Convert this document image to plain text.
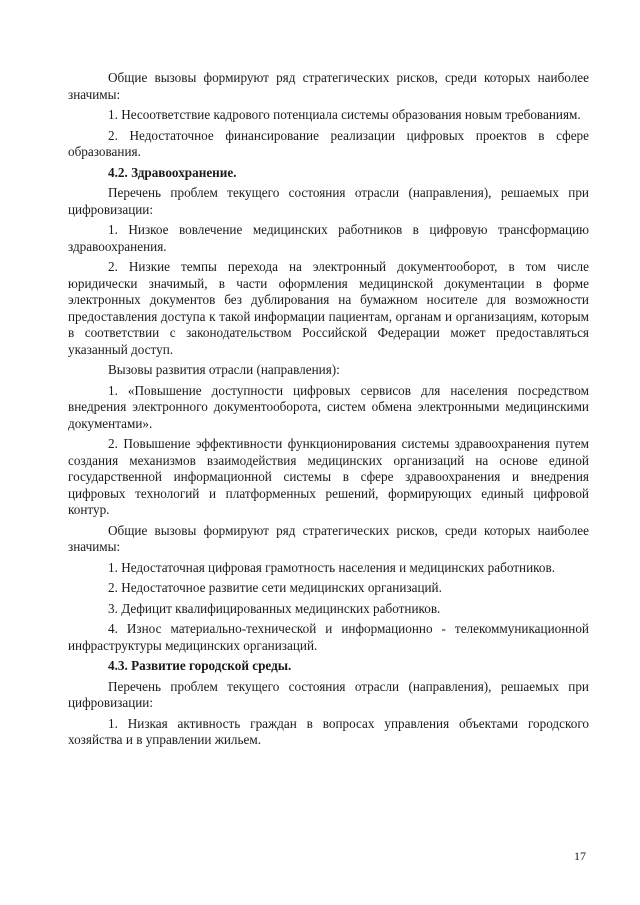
Общие вызовы формируют ряд стратегических рисков, среди которых наиболее значимы:

1. Несоответствие кадрового потенциала системы образования новым требованиям.

2. Недостаточное финансирование реализации цифровых проектов в сфере образования.

4.2. Здравоохранение.

Перечень проблем текущего состояния отрасли (направления), решаемых при цифровизации:

1. Низкое вовлечение медицинских работников в цифровую трансформацию здравоохранения.

2. Низкие темпы перехода на электронный документооборот, в том числе юридически значимый, в части оформления медицинской документации в форме электронных документов без дублирования на бумажном носителе для возможности предоставления доступа к такой информации пациентам, органам и организациям, которым в соответствии с законодательством Российской Федерации может предоставляться указанный доступ.

Вызовы развития отрасли (направления):

1. «Повышение доступности цифровых сервисов для населения посредством внедрения электронного документооборота, систем обмена электронными медицинскими документами».

2. Повышение эффективности функционирования системы здравоохранения путем создания механизмов взаимодействия медицинских организаций на основе единой государственной информационной системы в сфере здравоохранения и внедрения цифровых технологий и платформенных решений, формирующих единый цифровой контур.

Общие вызовы формируют ряд стратегических рисков, среди которых наиболее значимы:

1. Недостаточная цифровая грамотность населения и медицинских работников.

2. Недостаточное развитие сети медицинских организаций.

3. Дефицит квалифицированных медицинских работников.

4. Износ материально-технической и информационно - телекоммуникационной инфраструктуры медицинских организаций.

4.3. Развитие городской среды.

Перечень проблем текущего состояния отрасли (направления), решаемых при цифровизации:

1. Низкая активность граждан в вопросах управления объектами городского хозяйства и в управлении жильем.

17
